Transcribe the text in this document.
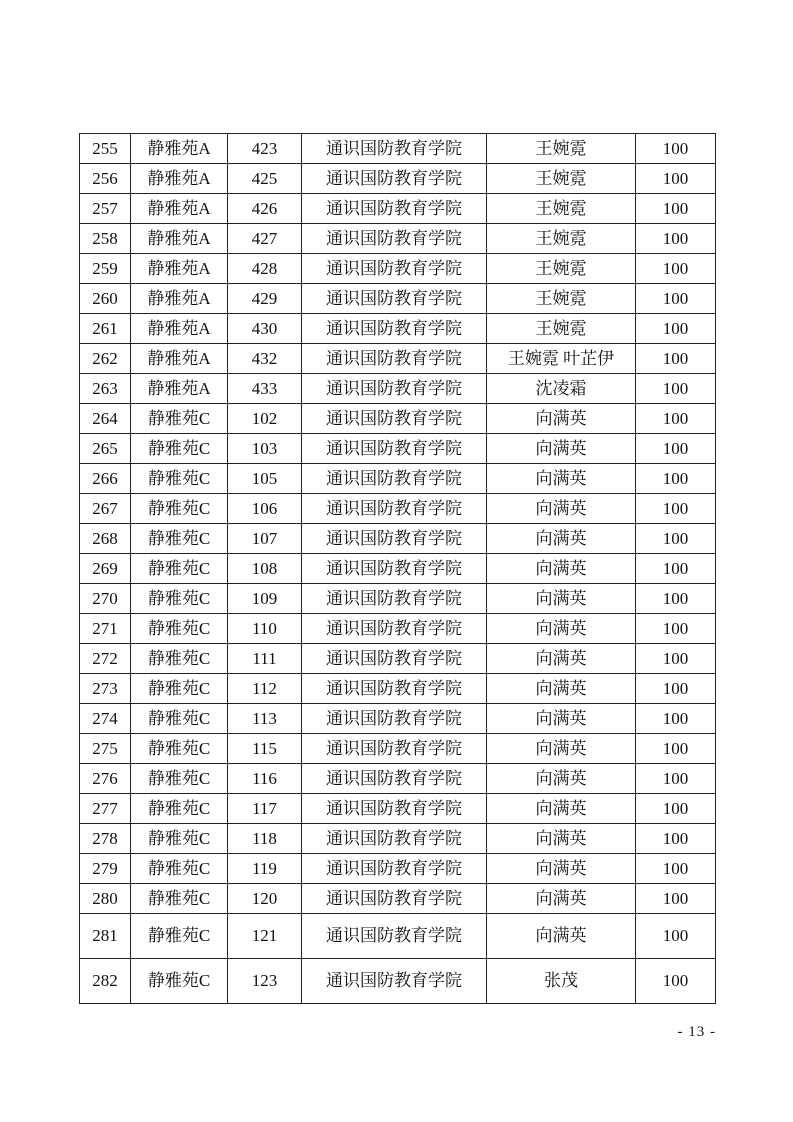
255	静雅苑A	423	通识国防教育学院	王婉霓	100
256	静雅苑A	425	通识国防教育学院	王婉霓	100
257	静雅苑A	426	通识国防教育学院	王婉霓	100
258	静雅苑A	427	通识国防教育学院	王婉霓	100
259	静雅苑A	428	通识国防教育学院	王婉霓	100
260	静雅苑A	429	通识国防教育学院	王婉霓	100
261	静雅苑A	430	通识国防教育学院	王婉霓	100
262	静雅苑A	432	通识国防教育学院	王婉霓 叶芷伊	100
263	静雅苑A	433	通识国防教育学院	沈凌霜	100
264	静雅苑C	102	通识国防教育学院	向满英	100
265	静雅苑C	103	通识国防教育学院	向满英	100
266	静雅苑C	105	通识国防教育学院	向满英	100
267	静雅苑C	106	通识国防教育学院	向满英	100
268	静雅苑C	107	通识国防教育学院	向满英	100
269	静雅苑C	108	通识国防教育学院	向满英	100
270	静雅苑C	109	通识国防教育学院	向满英	100
271	静雅苑C	110	通识国防教育学院	向满英	100
272	静雅苑C	111	通识国防教育学院	向满英	100
273	静雅苑C	112	通识国防教育学院	向满英	100
274	静雅苑C	113	通识国防教育学院	向满英	100
275	静雅苑C	115	通识国防教育学院	向满英	100
276	静雅苑C	116	通识国防教育学院	向满英	100
277	静雅苑C	117	通识国防教育学院	向满英	100
278	静雅苑C	118	通识国防教育学院	向满英	100
279	静雅苑C	119	通识国防教育学院	向满英	100
280	静雅苑C	120	通识国防教育学院	向满英	100
281	静雅苑C	121	通识国防教育学院	向满英	100
282	静雅苑C	123	通识国防教育学院	张茂	100
- 13 -
